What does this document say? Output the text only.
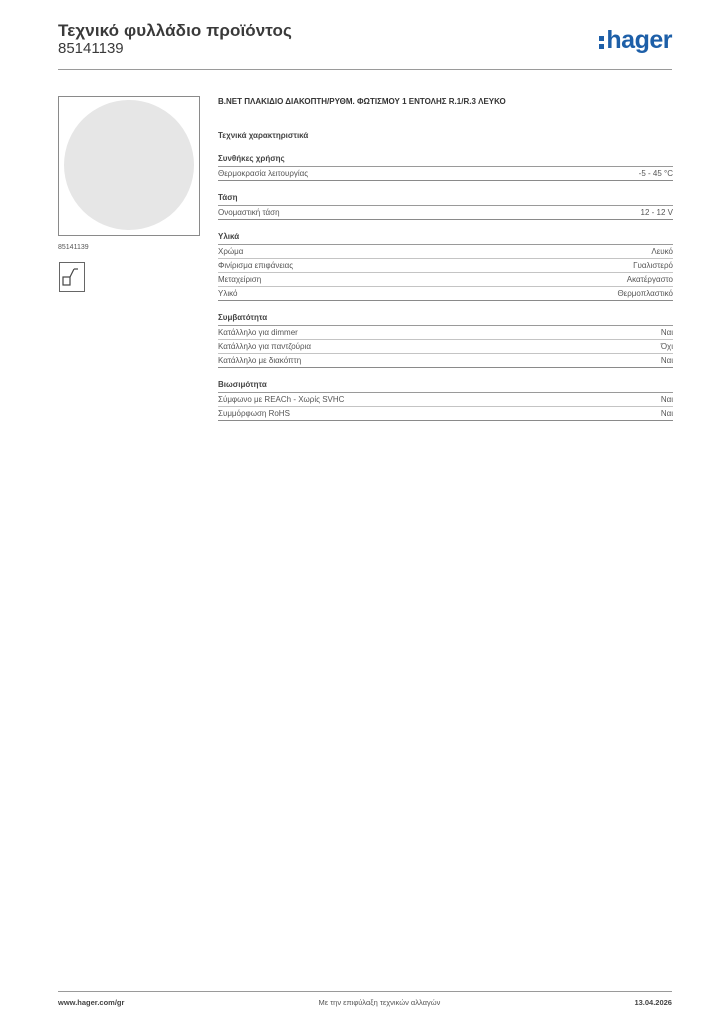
Τεχνικό φυλλάδιο προϊόντος
85141139	hager
85141139
B.NET ΠΛΑΚΙΔΙΟ ΔΙΑΚΟΠΤΗ/ΡΥΘΜ. ΦΩΤΙΣΜΟΥ 1 ΕΝΤΟΛΗΣ R.1/R.3 ΛΕΥΚΟ
Τεχνικά χαρακτηριστικά
Συνθήκες χρήσης
Θερμοκρασία λειτουργίας	-5 - 45 °C
Τάση
Ονομαστική τάση	12 - 12 V
Υλικά
Χρώμα	Λευκό
Φινίρισμα επιφάνειας	Γυαλιστερό
Μεταχείριση	Ακατέργαστο
Υλικό	Θερμοπλαστικό
Συμβατότητα
Κατάλληλο για dimmer	Ναι
Κατάλληλο για παντζούρια	Όχι
Κατάλληλο με διακόπτη	Ναι
Βιωσιμότητα
Σύμφωνο με REACh - Χωρίς SVHC	Ναι
Συμμόρφωση RoHS	Ναι
www.hager.com/gr	Με την επιφύλαξη τεχνικών αλλαγών	13.04.2026
